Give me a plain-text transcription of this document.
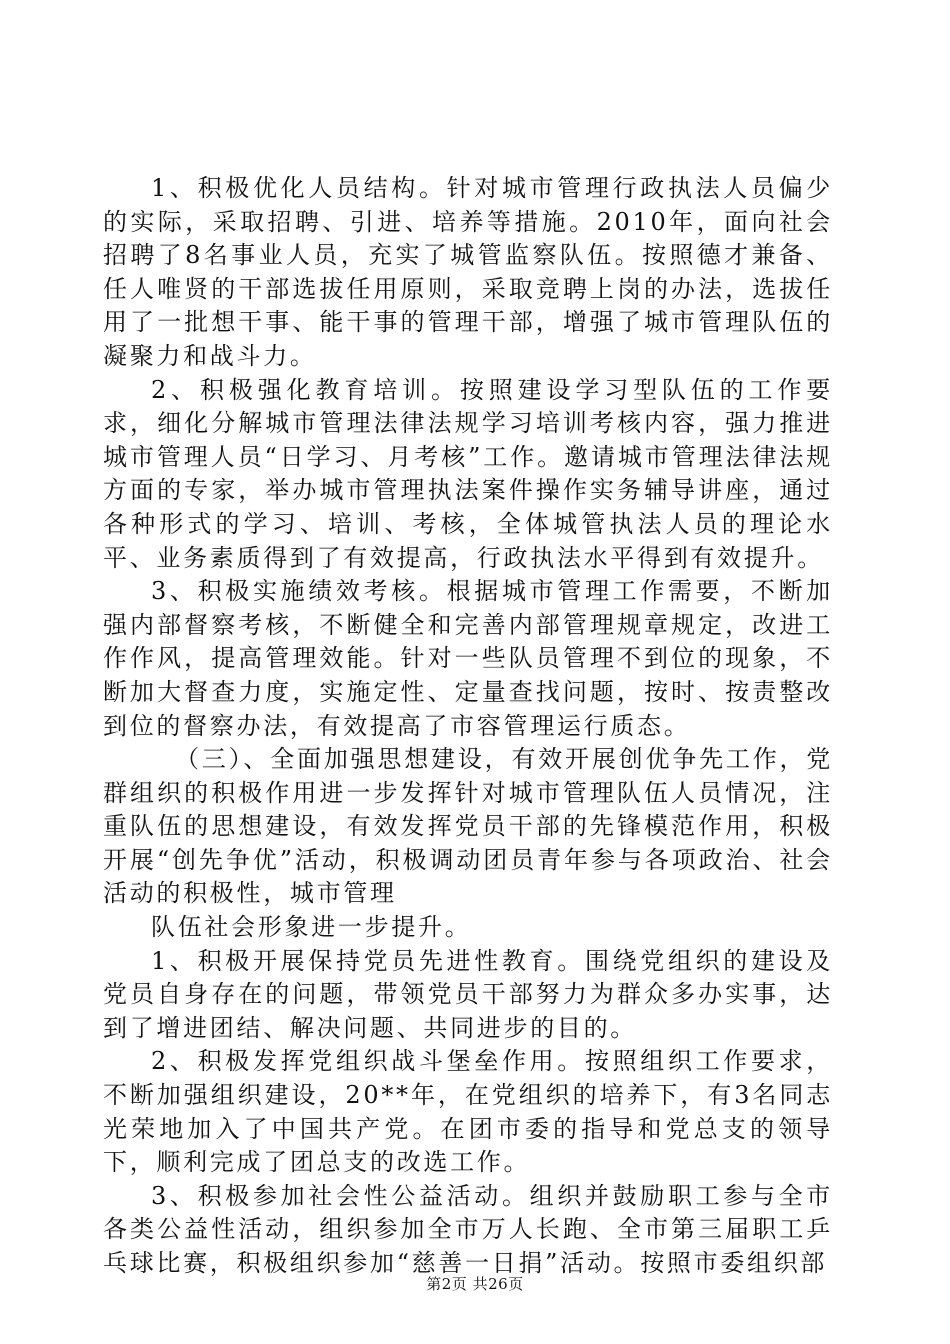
1、积极优化人员结构。针对城市管理行政执法人员偏少的实际，采取招聘、引进、培养等措施。2010年，面向社会招聘了8名事业人员，充实了城管监察队伍。按照德才兼备、任人唯贤的干部选拔任用原则，采取竞聘上岗的办法，选拔任用了一批想干事、能干事的管理干部，增强了城市管理队伍的凝聚力和战斗力。

2、积极强化教育培训。按照建设学习型队伍的工作要求，细化分解城市管理法律法规学习培训考核内容，强力推进城市管理人员“日学习、月考核”工作。邀请城市管理法律法规方面的专家，举办城市管理执法案件操作实务辅导讲座，通过各种形式的学习、培训、考核，全体城管执法人员的理论水平、业务素质得到了有效提高，行政执法水平得到有效提升。

3、积极实施绩效考核。根据城市管理工作需要，不断加强内部督察考核，不断健全和完善内部管理规章规定，改进工作作风，提高管理效能。针对一些队员管理不到位的现象，不断加大督查力度，实施定性、定量查找问题，按时、按责整改到位的督察办法，有效提高了市容管理运行质态。

（三）、全面加强思想建设，有效开展创优争先工作，党群组织的积极作用进一步发挥针对城市管理队伍人员情况，注重队伍的思想建设，有效发挥党员干部的先锋模范作用，积极开展“创先争优”活动，积极调动团员青年参与各项政治、社会活动的积极性，城市管理

队伍社会形象进一步提升。

1、积极开展保持党员先进性教育。围绕党组织的建设及党员自身存在的问题，带领党员干部努力为群众多办实事，达到了增进团结、解决问题、共同进步的目的。

2、积极发挥党组织战斗堡垒作用。按照组织工作要求，不断加强组织建设，20**年，在党组织的培养下，有3名同志光荣地加入了中国共产党。在团市委的指导和党总支的领导下，顺利完成了团总支的改选工作。

3、积极参加社会性公益活动。组织并鼓励职工参与全市各类公益性活动，组织参加全市万人长跑、全市第三届职工乒乓球比赛，积极组织参加“慈善一日捐”活动。按照市委组织部

第2页 共26页
